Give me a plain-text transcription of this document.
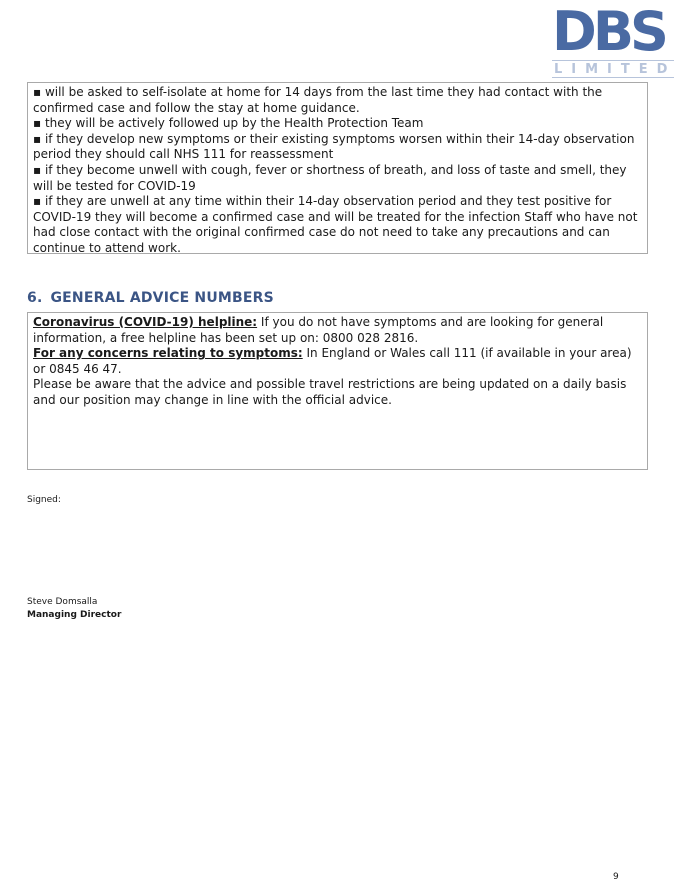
DBS
LIMITED

▪ will be asked to self-isolate at home for 14 days from the last time they had contact with the confirmed case and follow the stay at home guidance.

▪ they will be actively followed up by the Health Protection Team

▪ if they develop new symptoms or their existing symptoms worsen within their 14-day observation period they should call NHS 111 for reassessment

▪ if they become unwell with cough, fever or shortness of breath, and loss of taste and smell, they will be tested for COVID-19

▪ if they are unwell at any time within their 14-day observation period and they test positive for COVID-19 they will become a confirmed case and will be treated for the infection Staff who have not had close contact with the original confirmed case do not need to take any precautions and can continue to attend work.

6. GENERAL ADVICE NUMBERS

Coronavirus (COVID-19) helpline: If you do not have symptoms and are looking for general information, a free helpline has been set up on: 0800 028 2816.

For any concerns relating to symptoms: In England or Wales call 111 (if available in your area) or 0845 46 47.

Please be aware that the advice and possible travel restrictions are being updated on a daily basis and our position may change in line with the official advice.

Signed:
Steve Domsalla
Managing Director
9
